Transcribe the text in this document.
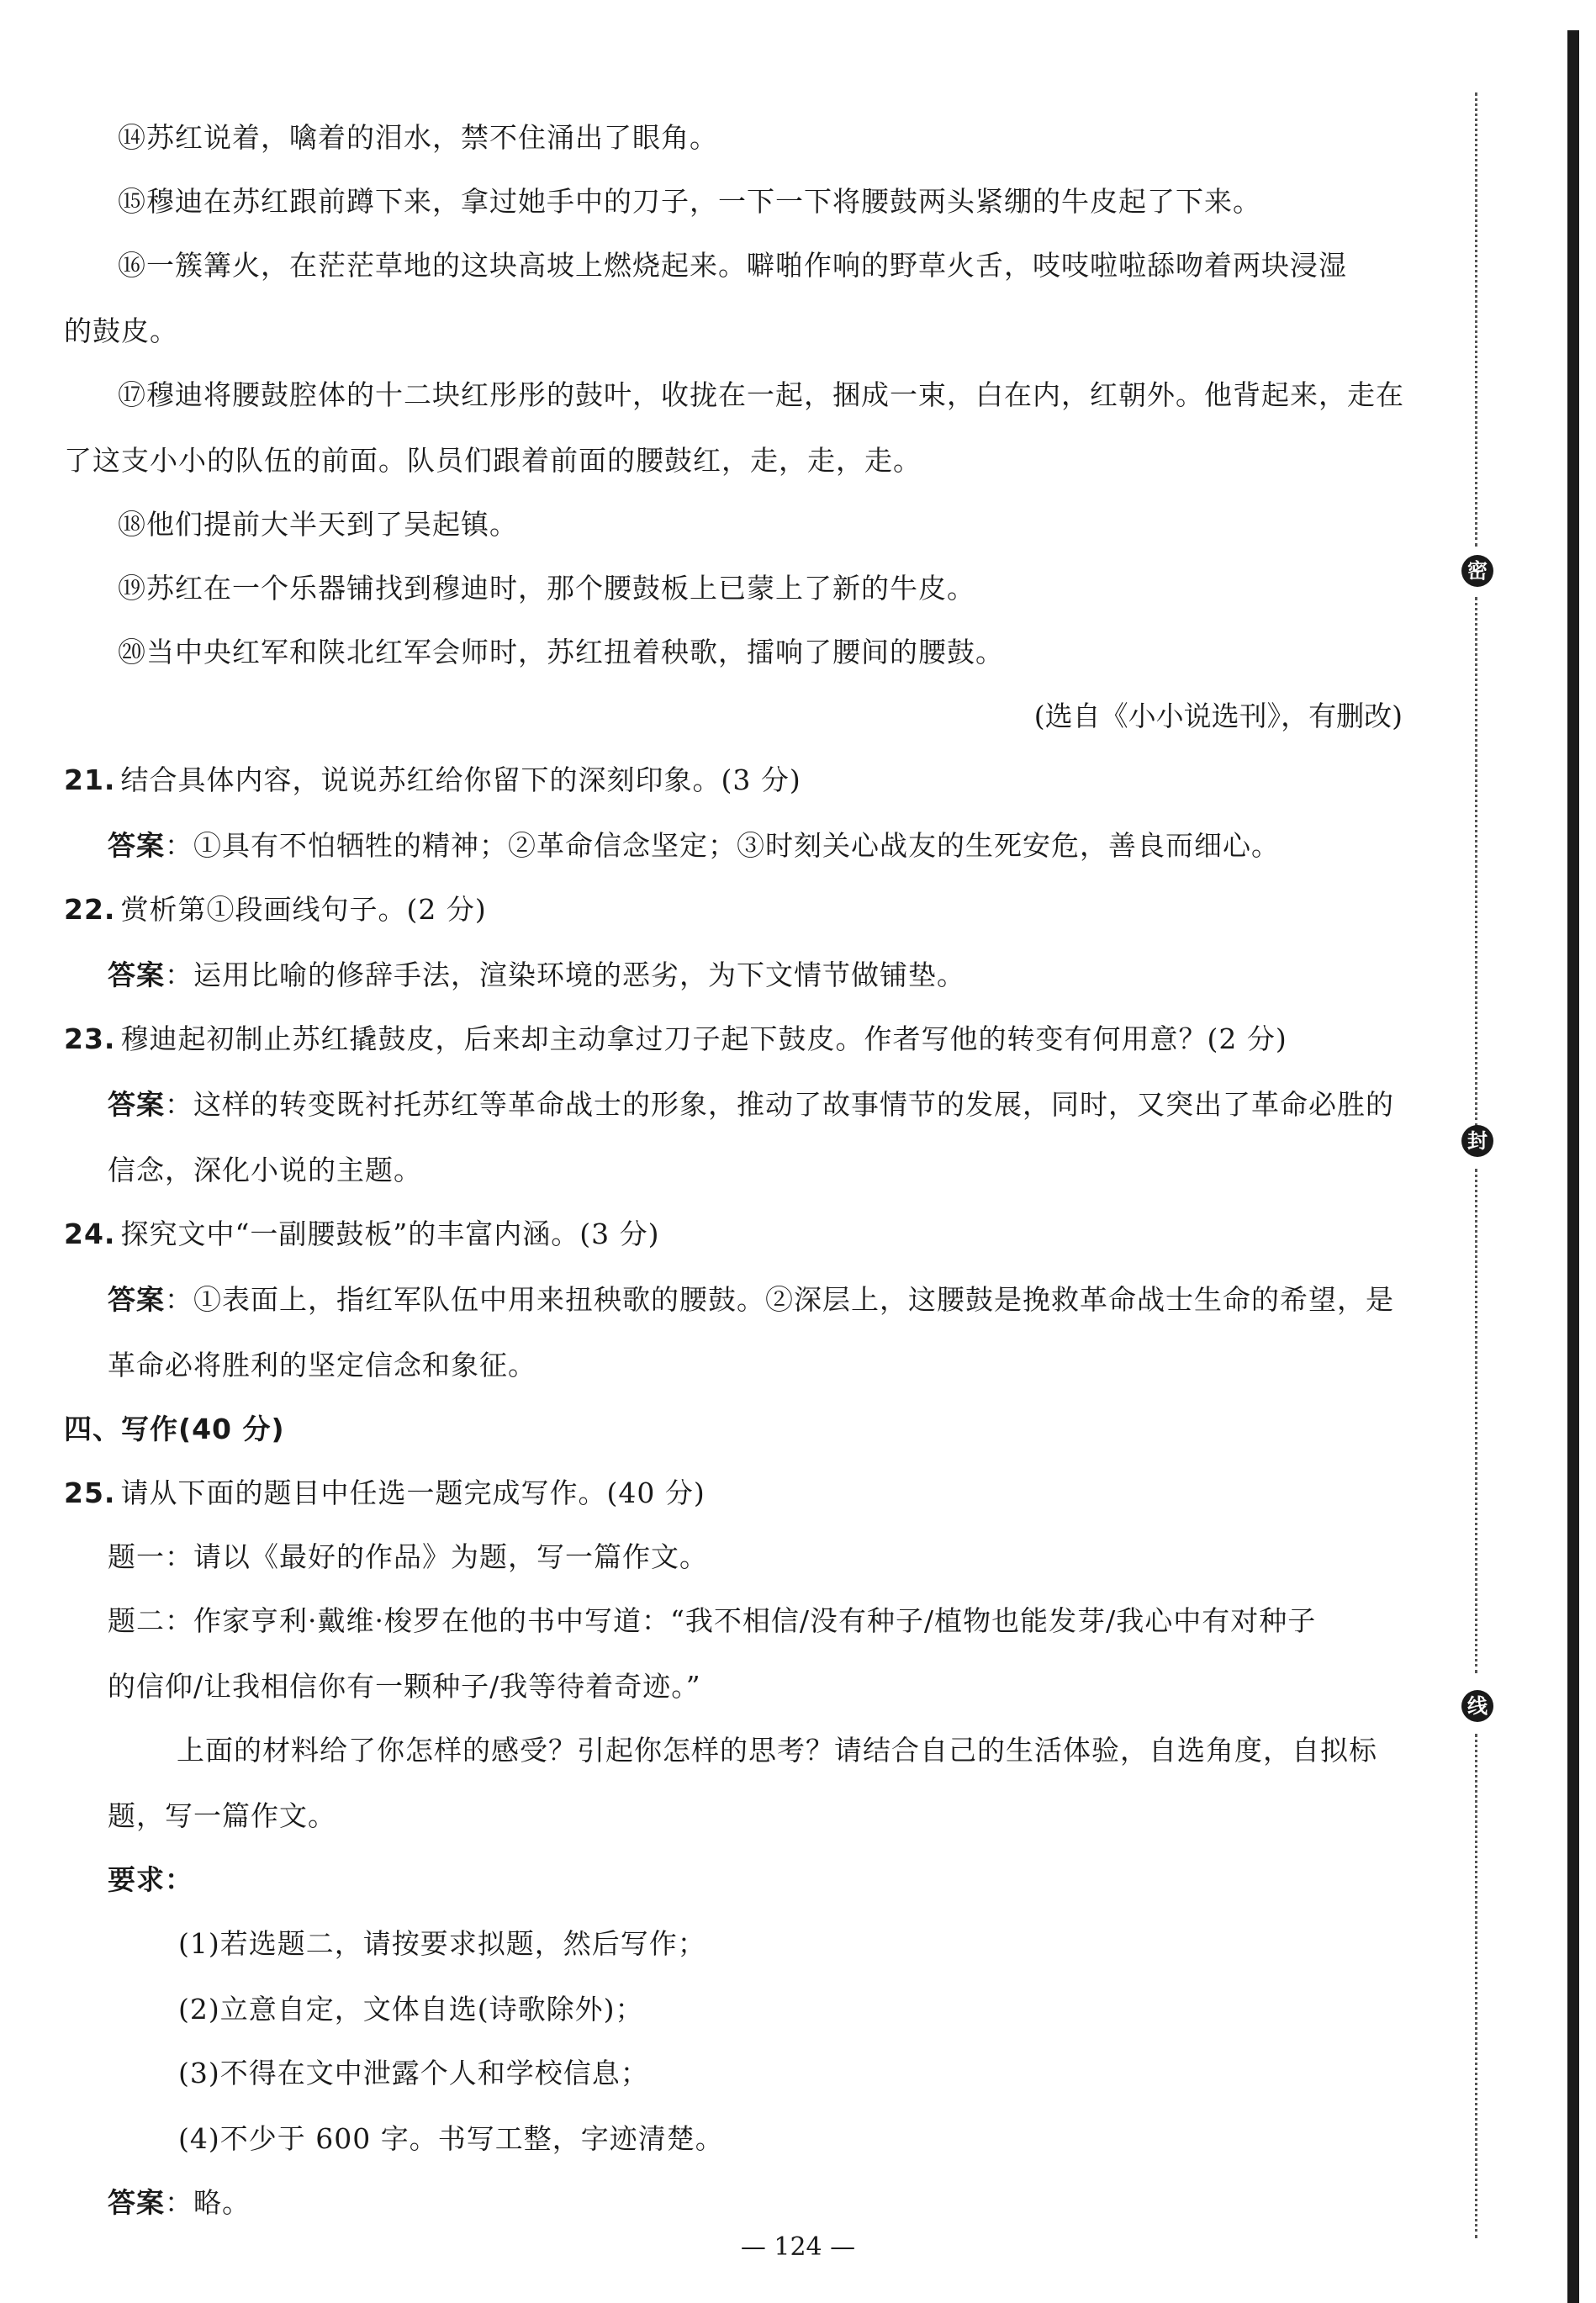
⑭苏红说着，噙着的泪水，禁不住涌出了眼角。
⑮穆迪在苏红跟前蹲下来，拿过她手中的刀子，一下一下将腰鼓两头紧绷的牛皮起了下来。
⑯一簇篝火，在茫茫草地的这块高坡上燃烧起来。噼啪作响的野草火舌，吱吱啦啦舔吻着两块浸湿
的鼓皮。
⑰穆迪将腰鼓腔体的十二块红彤彤的鼓叶，收拢在一起，捆成一束，白在内，红朝外。他背起来，走在
了这支小小的队伍的前面。队员们跟着前面的腰鼓红，走，走，走。
⑱他们提前大半天到了吴起镇。
⑲苏红在一个乐器铺找到穆迪时，那个腰鼓板上已蒙上了新的牛皮。
⑳当中央红军和陕北红军会师时，苏红扭着秧歌，擂响了腰间的腰鼓。
(选自《小小说选刊》，有删改)
21. 结合具体内容，说说苏红给你留下的深刻印象。(3 分)
答案：①具有不怕牺牲的精神；②革命信念坚定；③时刻关心战友的生死安危，善良而细心。
22. 赏析第①段画线句子。(2 分)
答案：运用比喻的修辞手法，渲染环境的恶劣，为下文情节做铺垫。
23. 穆迪起初制止苏红撬鼓皮，后来却主动拿过刀子起下鼓皮。作者写他的转变有何用意？(2 分)
答案：这样的转变既衬托苏红等革命战士的形象，推动了故事情节的发展，同时，又突出了革命必胜的
信念，深化小说的主题。
24. 探究文中“一副腰鼓板”的丰富内涵。(3 分)
答案：①表面上，指红军队伍中用来扭秧歌的腰鼓。②深层上，这腰鼓是挽救革命战士生命的希望，是
革命必将胜利的坚定信念和象征。
四、写作(40 分)
25. 请从下面的题目中任选一题完成写作。(40 分)
题一：请以《最好的作品》为题，写一篇作文。
题二：作家亨利·戴维·梭罗在他的书中写道：“我不相信/没有种子/植物也能发芽/我心中有对种子
的信仰/让我相信你有一颗种子/我等待着奇迹。”
上面的材料给了你怎样的感受？引起你怎样的思考？请结合自己的生活体验，自选角度，自拟标
题，写一篇作文。
要求：
(1)若选题二，请按要求拟题，然后写作；
(2)立意自定，文体自选(诗歌除外)；
(3)不得在文中泄露个人和学校信息；
(4)不少于 600 字。书写工整，字迹清楚。
答案：略。
— 124 —
密
封
线
